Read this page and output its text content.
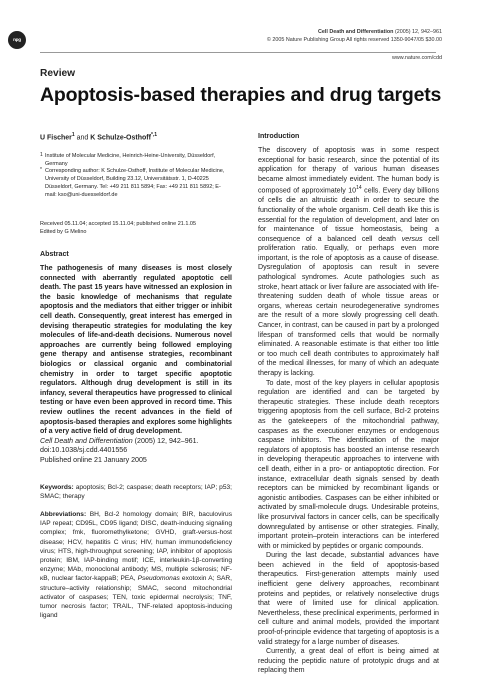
npg
Cell Death and Differentiation (2005) 12, 942–961
© 2005 Nature Publishing Group All rights reserved 1350-9047/05 $30.00
www.nature.com/cdd
Review
Apoptosis-based therapies and drug targets
U Fischer$^1$ and K Schulze-Osthoff$^{*,1}$
1 Institute of Molecular Medicine, Heinrich-Heine-University, Düsseldorf, Germany
* Corresponding author: K Schulze-Osthoff, Institute of Molecular Medicine, University of Düsseldorf, Building 23.12, Universitätsstr. 1, D-40225 Düsseldorf, Germany. Tel: +49 211 811 5894; Fax: +49 211 811 5892; E-mail: kso@uni-duesseldorf.de
Received 05.11.04; accepted 15.11.04; published online 21.1.05
Edited by G Melino
Abstract
The pathogenesis of many diseases is most closely connected with aberrantly regulated apoptotic cell death. The past 15 years have witnessed an explosion in the basic knowledge of mechanisms that regulate apoptosis and the mediators that either trigger or inhibit cell death. Consequently, great interest has emerged in devising therapeutic strategies for modulating the key molecules of life-and-death decisions. Numerous novel approaches are currently being followed employing gene therapy and antisense strategies, recombinant biologics or classical organic and combinatorial chemistry in order to target specific apoptotic regulators. Although drug development is still in its infancy, several therapeutics have progressed to clinical testing or have even been approved in record time. This review outlines the recent advances in the field of apoptosis-based therapies and explores some highlights of a very active field of drug development.
Cell Death and Differentiation (2005) 12, 942–961.
doi:10.1038/sj.cdd.4401556
Published online 21 January 2005
Keywords: apoptosis; Bcl-2; caspase; death receptors; IAP; p53; SMAC; therapy
Abbreviations: BH, Bcl-2 homology domain; BIR, baculovirus IAP repeat; CD95L, CD95 ligand; DISC, death-inducing signaling complex; fmk, fluoromethylketone; GVHD, graft-versus-host disease; HCV, hepatitis C virus; HIV, human immunodeficiency virus; HTS, high-throughput screening; IAP, inhibitor of apoptosis protein; IBM, IAP-binding motif; ICE, interleukin-1β-converting enzyme; MAb, monoclonal antibody; MS, multiple sclerosis; NF-κB, nuclear factor-kappaB; PEA, Pseudomonas exotoxin A; SAR, structure–activity relationship; SMAC, second mitochondrial activator of caspases; TEN, toxic epidermal necrolysis; TNF, tumor necrosis factor; TRAIL, TNF-related apoptosis-inducing ligand
Introduction

The discovery of apoptosis was in some respect exceptional for basic research, since the potential of its application for therapy of various human diseases became almost immediately evident. The human body is composed of approximately $10^{14}$ cells. Every day billions of cells die an altruistic death in order to secure the functionality of the whole organism. Cell death like this is essential for the regulation of development, and later on for maintenance of tissue homeostasis, being a consequence of a balanced cell death versus cell proliferation ratio. Equally, or perhaps even more important, is the role of apoptosis as a cause of disease. Dysregulation of apoptosis can result in severe pathological syndromes. Acute pathologies such as stroke, heart attack or liver failure are associated with life-threatening sudden death of whole tissue areas or organs, whereas certain neurodegenerative syndromes are the result of a more slowly progressing cell death. Cancer, in contrast, can be caused in part by a prolonged lifespan of transformed cells that would be normally eliminated. A reasonable estimate is that either too little or too much cell death contributes to approximately half of the medical illnesses, for many of which an adequate therapy is lacking.

To date, most of the key players in cellular apoptosis regulation are identified and can be targeted by therapeutic strategies. These include death receptors triggering apoptosis from the cell surface, Bcl-2 proteins as the gatekeepers of the mitochondrial pathway, caspases as the executioner enzymes or endogenous caspase inhibitors. The identification of the major regulators of apoptosis has boosted an intense research in developing therapeutic approaches to intervene with cell death, either in a pro- or antiapoptotic direction. For instance, extracellular death signals sensed by death receptors can be mimicked by recombinant ligands or agonistic antibodies. Caspases can be either inhibited or activated by small-molecule drugs. Undesirable proteins, like prosurvival factors in cancer cells, can be specifically downregulated by antisense or other strategies. Finally, important protein–protein interactions can be interfered with or mimicked by peptides or organic compounds.

During the last decade, substantial advances have been achieved in the field of apoptosis-based therapeutics. First-generation attempts mainly used inefficient gene delivery approaches, recombinant proteins and peptides, or relatively nonselective drugs that were of limited use for clinical application. Nevertheless, these preclinical experiments, performed in cell culture and animal models, provided the important proof-of-principle evidence that targeting of apoptosis is a valid strategy for a large number of diseases.

Currently, a great deal of effort is being aimed at reducing the peptidic nature of prototypic drugs and at replacing them
